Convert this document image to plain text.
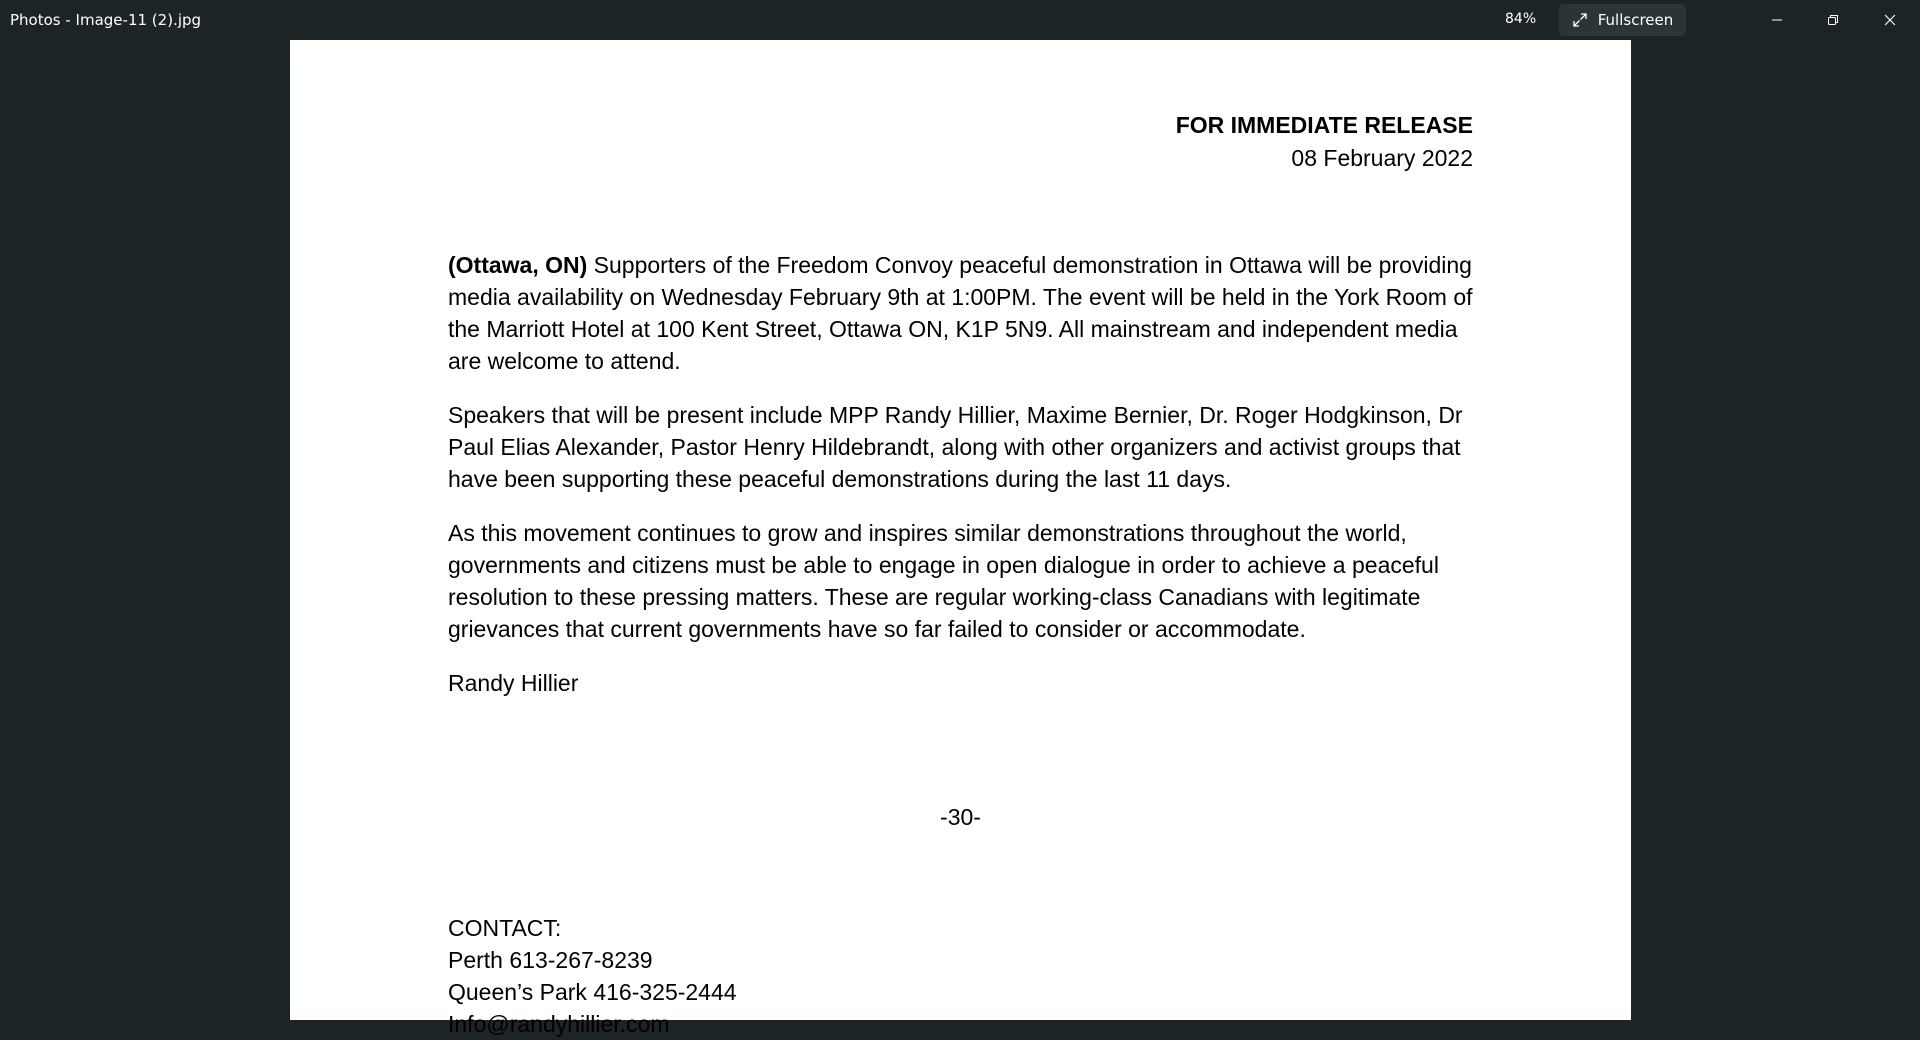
Photos - Image-11 (2).jpg	84%	Fullscreen
FOR IMMEDIATE RELEASE
08 February 2022

(Ottawa, ON) Supporters of the Freedom Convoy peaceful demonstration in Ottawa will be providing media availability on Wednesday February 9th at 1:00PM. The event will be held in the York Room of the Marriott Hotel at 100 Kent Street, Ottawa ON, K1P 5N9. All mainstream and independent media are welcome to attend.

Speakers that will be present include MPP Randy Hillier, Maxime Bernier, Dr. Roger Hodgkinson, Dr Paul Elias Alexander, Pastor Henry Hildebrandt, along with other organizers and activist groups that have been supporting these peaceful demonstrations during the last 11 days.

As this movement continues to grow and inspires similar demonstrations throughout the world, governments and citizens must be able to engage in open dialogue in order to achieve a peaceful resolution to these pressing matters. These are regular working-class Canadians with legitimate grievances that current governments have so far failed to consider or accommodate.

Randy Hillier

-30-
CONTACT:
Perth 613-267-8239
Queen’s Park 416-325-2444
Info@randyhillier.com
